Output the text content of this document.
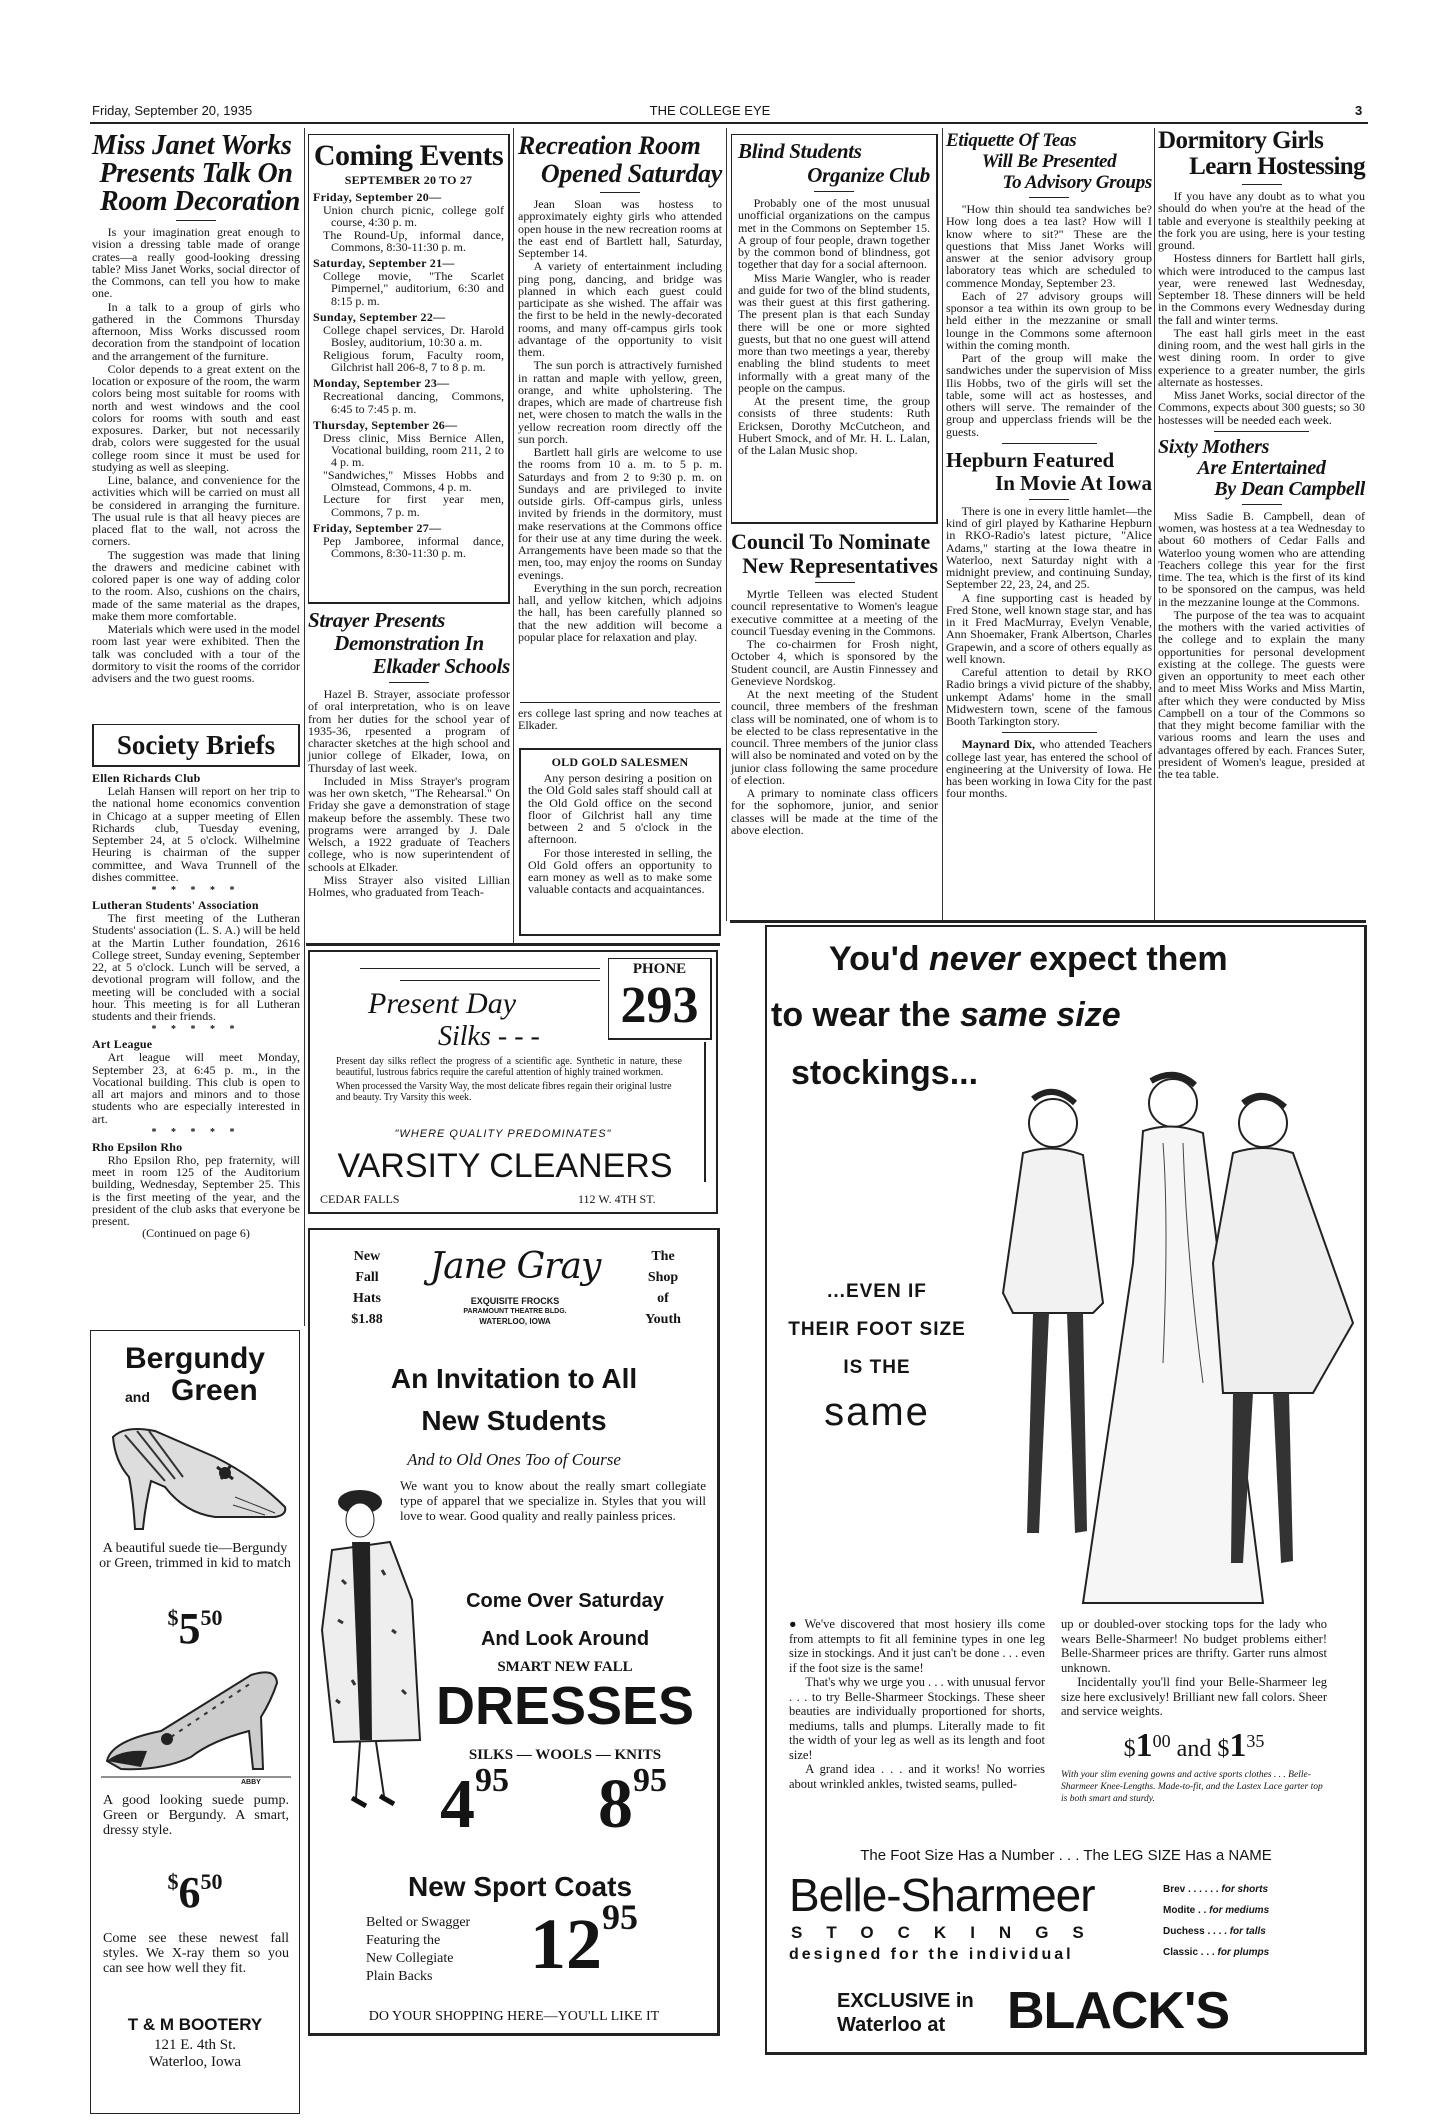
Friday, September 20, 1935	THE COLLEGE EYE	3
Miss Janet Works
Presents Talk On
Room Decoration

Is your imagination great enough to vision a dressing table made of orange crates—a really good-looking dressing table? Miss Janet Works, social director of the Commons, can tell you how to make one.

In a talk to a group of girls who gathered in the Commons Thursday afternoon, Miss Works discussed room decoration from the standpoint of location and the arrangement of the furniture.

Color depends to a great extent on the location or exposure of the room, the warm colors being most suitable for rooms with north and west windows and the cool colors for rooms with south and east exposures. Darker, but not necessarily drab, colors were suggested for the usual college room since it must be used for studying as well as sleeping.

Line, balance, and convenience for the activities which will be carried on must all be considered in arranging the furniture. The usual rule is that all heavy pieces are placed flat to the wall, not across the corners.

The suggestion was made that lining the drawers and medicine cabinet with colored paper is one way of adding color to the room. Also, cushions on the chairs, made of the same material as the drapes, make them more comfortable.

Materials which were used in the model room last year were exhibited. Then the talk was concluded with a tour of the dormitory to visit the rooms of the corridor advisers and the two guest rooms.

Society Briefs
Ellen Richards Club

Lelah Hansen will report on her trip to the national home economics convention in Chicago at a supper meeting of Ellen Richards club, Tuesday evening, September 24, at 5 o'clock. Wilhelmine Heuring is chairman of the supper committee, and Wava Trunnell of the dishes committee.

* * * * *
Lutheran Students' Association

The first meeting of the Lutheran Students' association (L. S. A.) will be held at the Martin Luther foundation, 2616 College street, Sunday evening, September 22, at 5 o'clock. Lunch will be served, a devotional program will follow, and the meeting will be concluded with a social hour. This meeting is for all Lutheran students and their friends.

* * * * *
Art League

Art league will meet Monday, September 23, at 6:45 p. m., in the Vocational building. This club is open to all art majors and minors and to those students who are especially interested in art.

* * * * *
Rho Epsilon Rho

Rho Epsilon Rho, pep fraternity, will meet in room 125 of the Auditorium building, Wednesday, September 25. This is the first meeting of the year, and the president of the club asks that everyone be present.

(Continued on page 6)
Coming Events
SEPTEMBER 20 TO 27
Friday, September 20—
Union church picnic, college golf course, 4:30 p. m.
The Round-Up, informal dance, Commons, 8:30-11:30 p. m.
Saturday, September 21—
College movie, "The Scarlet Pimpernel," auditorium, 6:30 and 8:15 p. m.
Sunday, September 22—
College chapel services, Dr. Harold Bosley, auditorium, 10:30 a. m.
Religious forum, Faculty room, Gilchrist hall 206-8, 7 to 8 p. m.
Monday, September 23—
Recreational dancing, Commons, 6:45 to 7:45 p. m.
Thursday, September 26—
Dress clinic, Miss Bernice Allen, Vocational building, room 211, 2 to 4 p. m.
"Sandwiches," Misses Hobbs and Olmstead, Commons, 4 p. m.
Lecture for first year men, Commons, 7 p. m.
Friday, September 27—
Pep Jamboree, informal dance, Commons, 8:30-11:30 p. m.
Strayer Presents
Demonstration In
Elkader Schools

Hazel B. Strayer, associate professor of oral interpretation, who is on leave from her duties for the school year of 1935-36, rpesented a program of character sketches at the high school and junior college of Elkader, Iowa, on Thursday of last week.

Included in Miss Strayer's program was her own sketch, "The Rehearsal." On Friday she gave a demonstration of stage makeup before the assembly. These two programs were arranged by J. Dale Welsch, a 1922 graduate of Teachers college, who is now superintendent of schools at Elkader.

Miss Strayer also visited Lillian Holmes, who graduated from Teach-

Recreation Room
Opened Saturday

Jean Sloan was hostess to approximately eighty girls who attended open house in the new recreation rooms at the east end of Bartlett hall, Saturday, September 14.

A variety of entertainment including ping pong, dancing, and bridge was planned in which each guest could participate as she wished. The affair was the first to be held in the newly-decorated rooms, and many off-campus girls took advantage of the opportunity to visit them.

The sun porch is attractively furnished in rattan and maple with yellow, green, orange, and white upholstering. The drapes, which are made of chartreuse fish net, were chosen to match the walls in the yellow recreation room directly off the sun porch.

Bartlett hall girls are welcome to use the rooms from 10 a. m. to 5 p. m. Saturdays and from 2 to 9:30 p. m. on Sundays and are privileged to invite outside girls. Off-campus girls, unless invited by friends in the dormitory, must make reservations at the Commons office for their use at any time during the week. Arrangements have been made so that the men, too, may enjoy the rooms on Sunday evenings.

Everything in the sun porch, recreation hall, and yellow kitchen, which adjoins the hall, has been carefully planned so that the new addition will become a popular place for relaxation and play.

ers college last spring and now teaches at Elkader.

OLD GOLD SALESMEN

Any person desiring a position on the Old Gold sales staff should call at the Old Gold office on the second floor of Gilchrist hall any time between 2 and 5 o'clock in the afternoon.

For those interested in selling, the Old Gold offers an opportunity to earn money as well as to make some valuable contacts and acquaintances.

Blind Students
Organize Club

Probably one of the most unusual unofficial organizations on the campus met in the Commons on September 15. A group of four people, drawn together by the common bond of blindness, got together that day for a social afternoon.

Miss Marie Wangler, who is reader and guide for two of the blind students, was their guest at this first gathering. The present plan is that each Sunday there will be one or more sighted guests, but that no one guest will attend more than two meetings a year, thereby enabling the blind students to meet informally with a great many of the people on the campus.

At the present time, the group consists of three students: Ruth Ericksen, Dorothy McCutcheon, and Hubert Smock, and of Mr. H. L. Lalan, of the Lalan Music shop.

Council To Nominate
New Representatives

Myrtle Telleen was elected Student council representative to Women's league executive committee at a meeting of the council Tuesday evening in the Commons.

The co-chairmen for Frosh night, October 4, which is sponsored by the Student council, are Austin Finnessey and Genevieve Nordskog.

At the next meeting of the Student council, three members of the freshman class will be nominated, one of whom is to be elected to be class representative in the council. Three members of the junior class will also be nominated and voted on by the junior class following the same procedure of election.

A primary to nominate class officers for the sophomore, junior, and senior classes will be made at the time of the above election.

Etiquette Of Teas
Will Be Presented
To Advisory Groups

"How thin should tea sandwiches be? How long does a tea last? How will I know where to sit?" These are the questions that Miss Janet Works will answer at the senior advisory group laboratory teas which are scheduled to commence Monday, September 23.

Each of 27 advisory groups will sponsor a tea within its own group to be held either in the mezzanine or small lounge in the Commons some afternoon within the coming month.

Part of the group will make the sandwiches under the supervision of Miss Ilis Hobbs, two of the girls will set the table, some will act as hostesses, and others will serve. The remainder of the group and upperclass friends will be the guests.

Hepburn Featured
In Movie At Iowa

There is one in every little hamlet—the kind of girl played by Katharine Hepburn in RKO-Radio's latest picture, "Alice Adams," starting at the Iowa theatre in Waterloo, next Saturday night with a midnight preview, and continuing Sunday, September 22, 23, 24, and 25.

A fine supporting cast is headed by Fred Stone, well known stage star, and has in it Fred MacMurray, Evelyn Venable, Ann Shoemaker, Frank Albertson, Charles Grapewin, and a score of others equally as well known.

Careful attention to detail by RKO Radio brings a vivid picture of the shabby, unkempt Adams' home in the small Midwestern town, scene of the famous Booth Tarkington story.

Maynard Dix, who attended Teachers college last year, has entered the school of engineering at the University of Iowa. He has been working in Iowa City for the past four months.

Dormitory Girls
Learn Hostessing

If you have any doubt as to what you should do when you're at the head of the table and everyone is stealthily peeking at the fork you are using, here is your testing ground.

Hostess dinners for Bartlett hall girls, which were introduced to the campus last year, were renewed last Wednesday, September 18. These dinners will be held in the Commons every Wednesday during the fall and winter terms.

The east hall girls meet in the east dining room, and the west hall girls in the west dining room. In order to give experience to a greater number, the girls alternate as hostesses.

Miss Janet Works, social director of the Commons, expects about 300 guests; so 30 hostesses will be needed each week.

Sixty Mothers
Are Entertained
By Dean Campbell

Miss Sadie B. Campbell, dean of women, was hostess at a tea Wednesday to about 60 mothers of Cedar Falls and Waterloo young women who are attending Teachers college this year for the first time. The tea, which is the first of its kind to be sponsored on the campus, was held in the mezzanine lounge at the Commons.

The purpose of the tea was to acquaint the mothers with the varied activities of the college and to explain the many opportunities for personal development existing at the college. The guests were given an opportunity to meet each other and to meet Miss Works and Miss Martin, after which they were conducted by Miss Campbell on a tour of the Commons so that they might become familiar with the various rooms and learn the uses and advantages offered by each. Frances Suter, president of Women's league, presided at the tea table.

Present Day
Silks - - -
PHONE
293
Present day silks reflect the progress of a scientific age. Synthetic in nature, these beautiful, lustrous fabrics require the careful attention of highly trained workmen.
When processed the Varsity Way, the most delicate fibres regain their original lustre and beauty. Try Varsity this week.
"WHERE QUALITY PREDOMINATES"
VARSITY CLEANERS
CEDAR FALLS	112 W. 4TH ST.
New
Fall
Hats
$1.88
Jane Gray
EXQUISITE FROCKS
PARAMOUNT THEATRE BLDG.
WATERLOO, IOWA
The
Shop
of
Youth
An Invitation to All
New Students
And to Old Ones Too of Course
We want you to know about the really smart collegiate type of apparel that we specialize in. Styles that you will love to wear. Good quality and really painless prices.
Come Over Saturday
And Look Around
SMART NEW FALL
DRESSES
SILKS — WOOLS — KNITS
$4^{95}$ $8^{95}$
New Sport Coats
Belted or Swagger
Featuring the
New Collegiate
Plain Backs	$12^{95}$
DO YOUR SHOPPING HERE—YOU'LL LIKE IT
Bergundy
and Green
A beautiful suede tie—Bergundy or Green, trimmed in kid to match
$^{\$}5^{50}$
ABBY
A good looking suede pump. Green or Bergundy. A smart, dressy style.
$^{\$}6^{50}$
Come see these newest fall styles. We X-ray them so you can see how well they fit.
T & M BOOTERY
121 E. 4th St.
Waterloo, Iowa
You'd never expect them
to wear the same size
stockings...
...EVEN IF
THEIR FOOT SIZE
IS THE
same
● We've discovered that most hosiery ills come from attempts to fit all feminine types in one leg size in stockings. And it just can't be done . . . even if the foot size is the same!
That's why we urge you . . . with unusual fervor . . . to try Belle-Sharmeer Stockings. These sheer beauties are individually proportioned for shorts, mediums, talls and plumps. Literally made to fit the width of your leg as well as its length and foot size!
A grand idea . . . and it works! No worries about wrinkled ankles, twisted seams, pulled-
up or doubled-over stocking tops for the lady who wears Belle-Sharmeer! No budget problems either! Belle-Sharmeer prices are thrifty. Garter runs almost unknown.
Incidentally you'll find your Belle-Sharmeer leg size here exclusively! Brilliant new fall colors. Sheer and service weights.
$\$1^{00}$ and $\$1^{35}$
With your slim evening gowns and active sports clothes . . . Belle-Sharmeer Knee-Lengths. Made-to-fit, and the Lastex Lace garter top is both smart and sturdy.
The Foot Size Has a Number . . . The LEG SIZE Has a NAME
Belle-Sharmeer
STOCKINGS
designed for the individual
Brev . . . . . . for shorts
Modite . . for mediums
Duchess . . . . for talls
Classic . . . for plumps
EXCLUSIVE in
Waterloo at	BLACK'S
